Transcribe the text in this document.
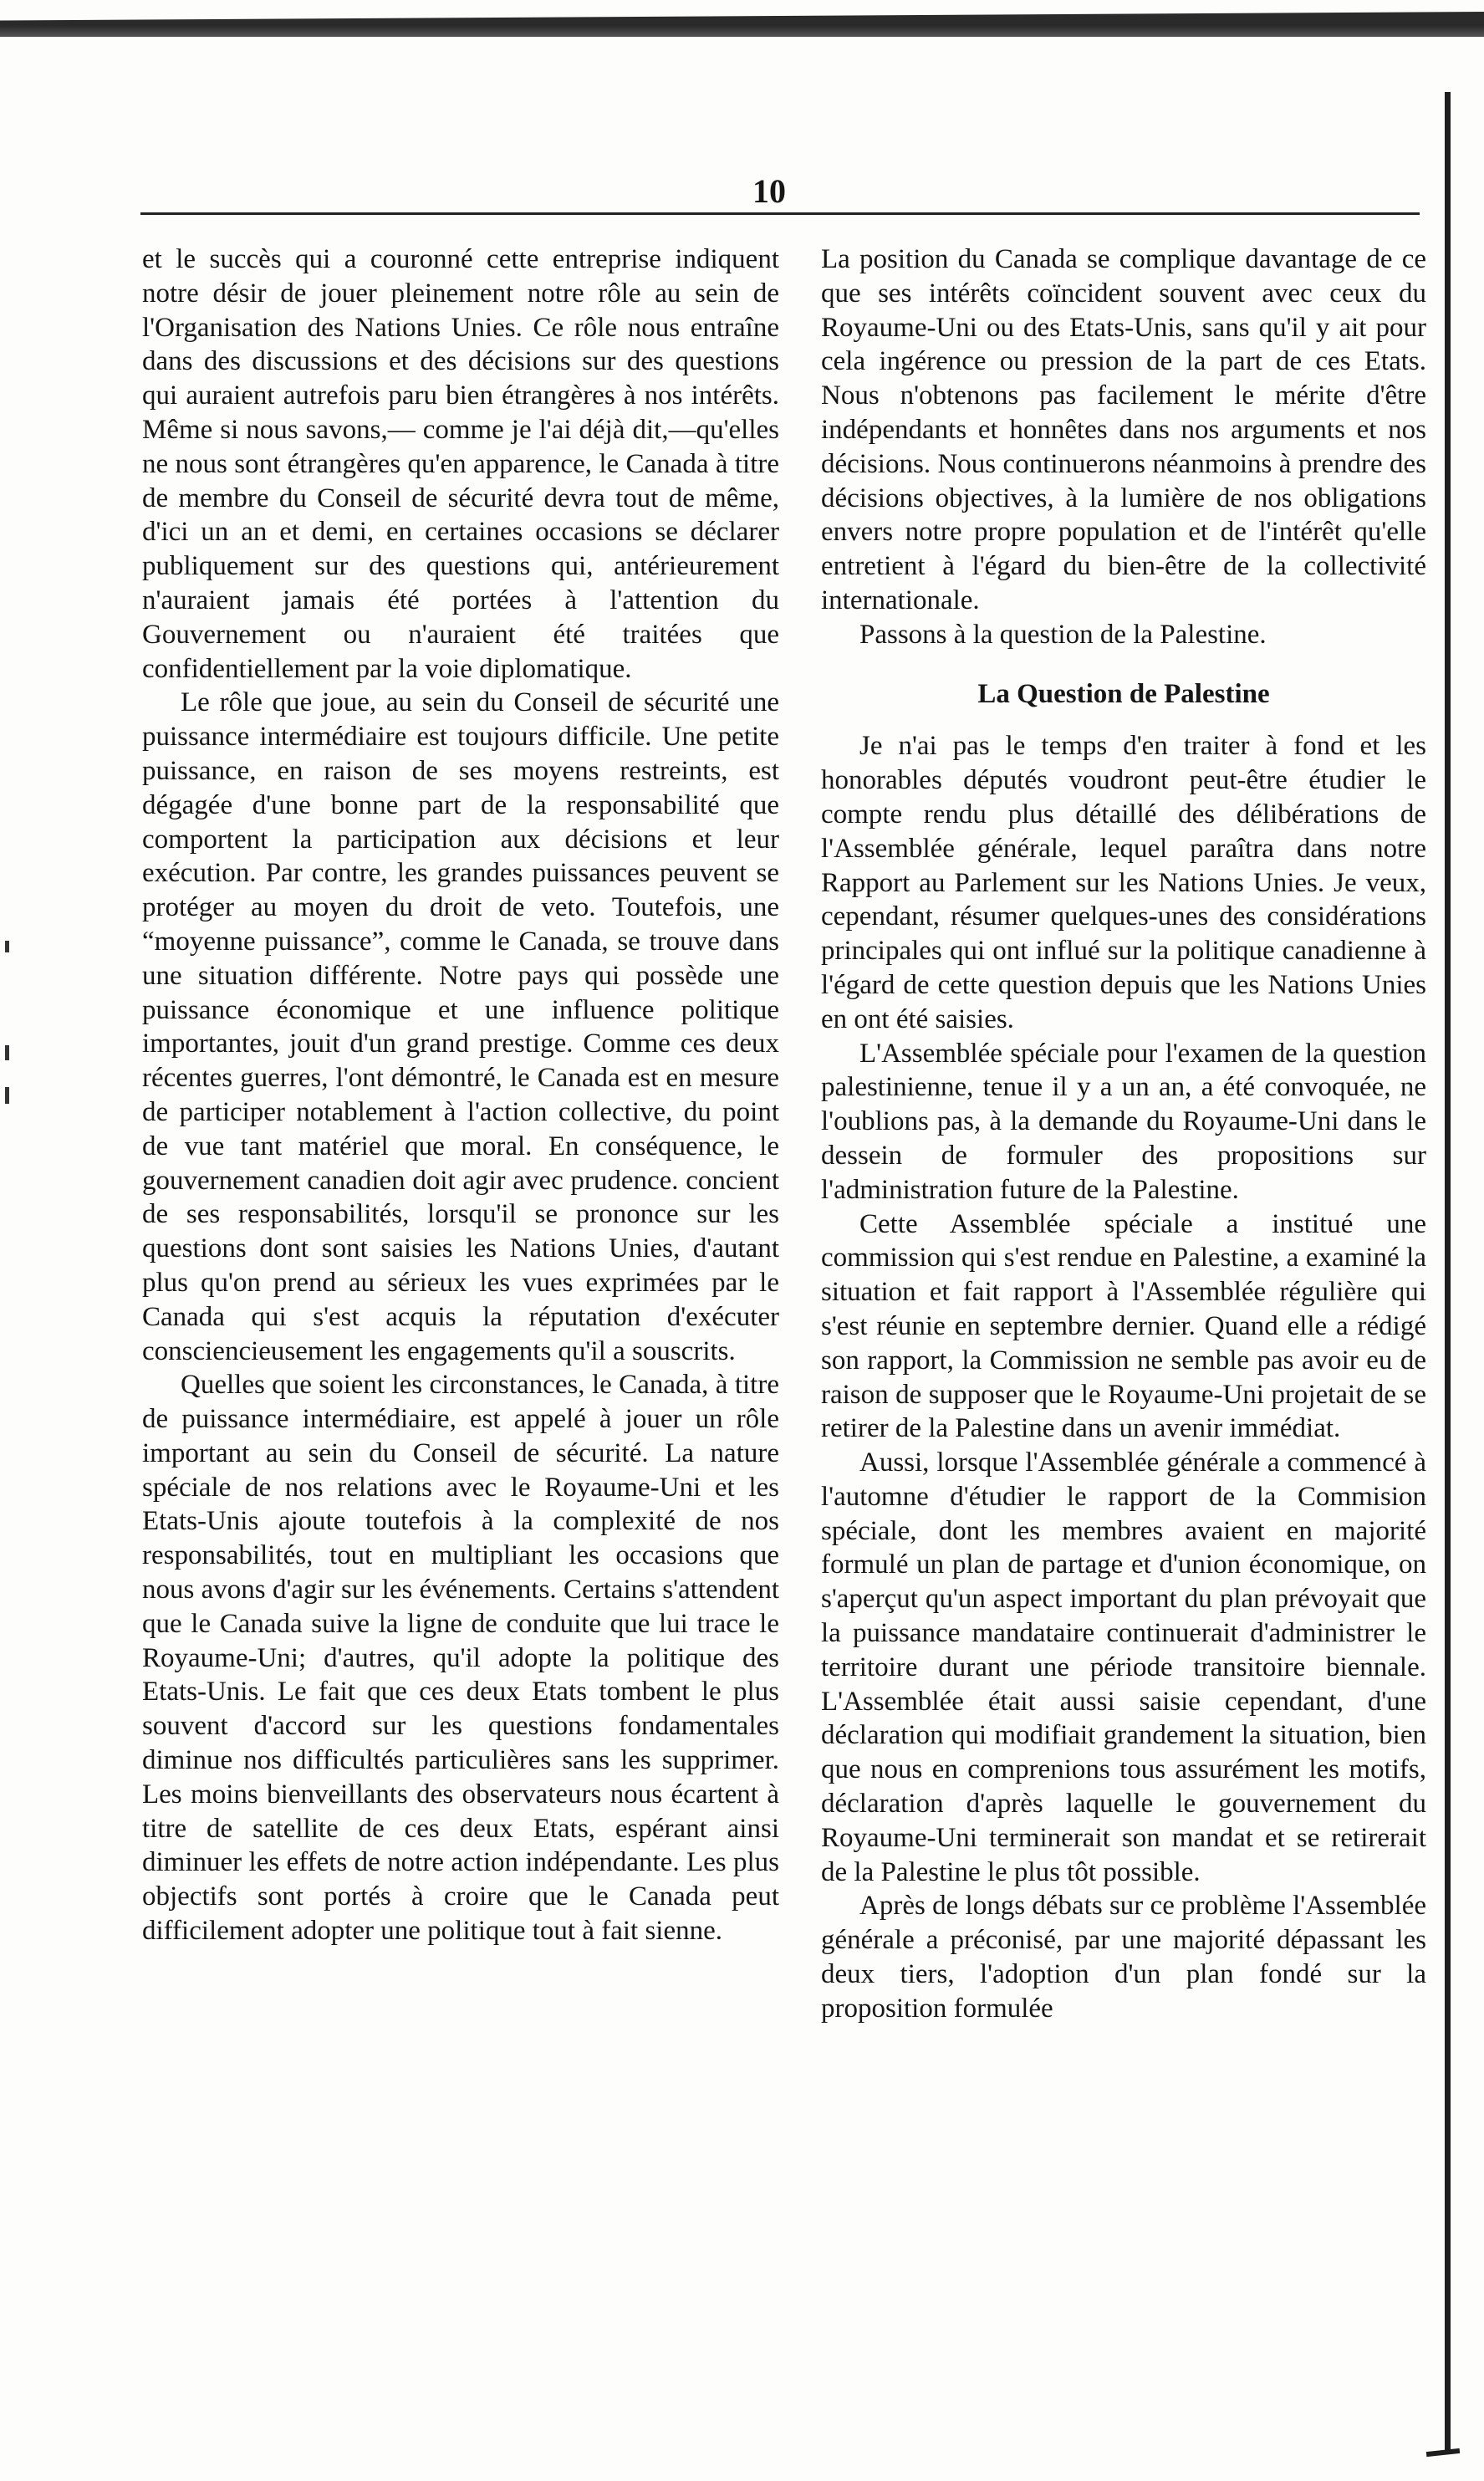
10

et le succès qui a couronné cette entreprise indiquent notre désir de jouer pleinement notre rôle au sein de l'Organisation des Nations Unies. Ce rôle nous entraîne dans des discussions et des décisions sur des questions qui auraient autrefois paru bien étrangères à nos intérêts. Même si nous savons,— comme je l'ai déjà dit,—qu'elles ne nous sont étrangères qu'en apparence, le Canada à titre de membre du Conseil de sécurité devra tout de même, d'ici un an et demi, en certaines occasions se déclarer publiquement sur des questions qui, antérieurement n'auraient jamais été portées à l'attention du Gouvernement ou n'auraient été traitées que confidentiellement par la voie diplomatique.

Le rôle que joue, au sein du Conseil de sécurité une puissance intermédiaire est toujours difficile. Une petite puissance, en raison de ses moyens restreints, est dégagée d'une bonne part de la responsabilité que comportent la participation aux décisions et leur exécution. Par contre, les grandes puissances peuvent se protéger au moyen du droit de veto. Toutefois, une “moyenne puissance”, comme le Canada, se trouve dans une situation différente. Notre pays qui possède une puissance économique et une influence politique importantes, jouit d'un grand prestige. Comme ces deux récentes guerres, l'ont démontré, le Canada est en mesure de participer notablement à l'action collective, du point de vue tant matériel que moral. En conséquence, le gouvernement canadien doit agir avec prudence. concient de ses responsabilités, lorsqu'il se prononce sur les questions dont sont saisies les Nations Unies, d'autant plus qu'on prend au sérieux les vues exprimées par le Canada qui s'est acquis la réputation d'exécuter consciencieusement les engagements qu'il a souscrits.

Quelles que soient les circonstances, le Canada, à titre de puissance intermédiaire, est appelé à jouer un rôle important au sein du Conseil de sécurité. La nature spéciale de nos relations avec le Royaume-Uni et les Etats-Unis ajoute toutefois à la complexité de nos responsabilités, tout en multipliant les occasions que nous avons d'agir sur les événements. Certains s'attendent que le Canada suive la ligne de conduite que lui trace le Royaume-Uni; d'autres, qu'il adopte la politique des Etats-Unis. Le fait que ces deux Etats tombent le plus souvent d'accord sur les questions fondamentales diminue nos difficultés particulières sans les supprimer. Les moins bienveillants des observateurs nous écartent à titre de satellite de ces deux Etats, espérant ainsi diminuer les effets de notre action indépendante. Les plus objectifs sont portés à croire que le Canada peut difficilement adopter une politique tout à fait sienne.

La position du Canada se complique davantage de ce que ses intérêts coïncident souvent avec ceux du Royaume-Uni ou des Etats-Unis, sans qu'il y ait pour cela ingérence ou pression de la part de ces Etats. Nous n'obtenons pas facilement le mérite d'être indépendants et honnêtes dans nos arguments et nos décisions. Nous continuerons néanmoins à prendre des décisions objectives, à la lumière de nos obligations envers notre propre population et de l'intérêt qu'elle entretient à l'égard du bien-être de la collectivité internationale.

Passons à la question de la Palestine.

La Question de Palestine

Je n'ai pas le temps d'en traiter à fond et les honorables députés voudront peut-être étudier le compte rendu plus détaillé des délibérations de l'Assemblée générale, lequel paraîtra dans notre Rapport au Parlement sur les Nations Unies. Je veux, cependant, résumer quelques-unes des considérations principales qui ont influé sur la politique canadienne à l'égard de cette question depuis que les Nations Unies en ont été saisies.

L'Assemblée spéciale pour l'examen de la question palestinienne, tenue il y a un an, a été convoquée, ne l'oublions pas, à la demande du Royaume-Uni dans le dessein de formuler des propositions sur l'administration future de la Palestine.

Cette Assemblée spéciale a institué une commission qui s'est rendue en Palestine, a examiné la situation et fait rapport à l'Assemblée régulière qui s'est réunie en septembre dernier. Quand elle a rédigé son rapport, la Commission ne semble pas avoir eu de raison de supposer que le Royaume-Uni projetait de se retirer de la Palestine dans un avenir immédiat.

Aussi, lorsque l'Assemblée générale a commencé à l'automne d'étudier le rapport de la Commision spéciale, dont les membres avaient en majorité formulé un plan de partage et d'union économique, on s'aperçut qu'un aspect important du plan prévoyait que la puissance mandataire continuerait d'administrer le territoire durant une période transitoire biennale. L'Assemblée était aussi saisie cependant, d'une déclaration qui modifiait grandement la situation, bien que nous en comprenions tous assurément les motifs, déclaration d'après laquelle le gouvernement du Royaume-Uni terminerait son mandat et se retirerait de la Palestine le plus tôt possible.

Après de longs débats sur ce problème l'Assemblée générale a préconisé, par une majorité dépassant les deux tiers, l'adoption d'un plan fondé sur la proposition formulée
